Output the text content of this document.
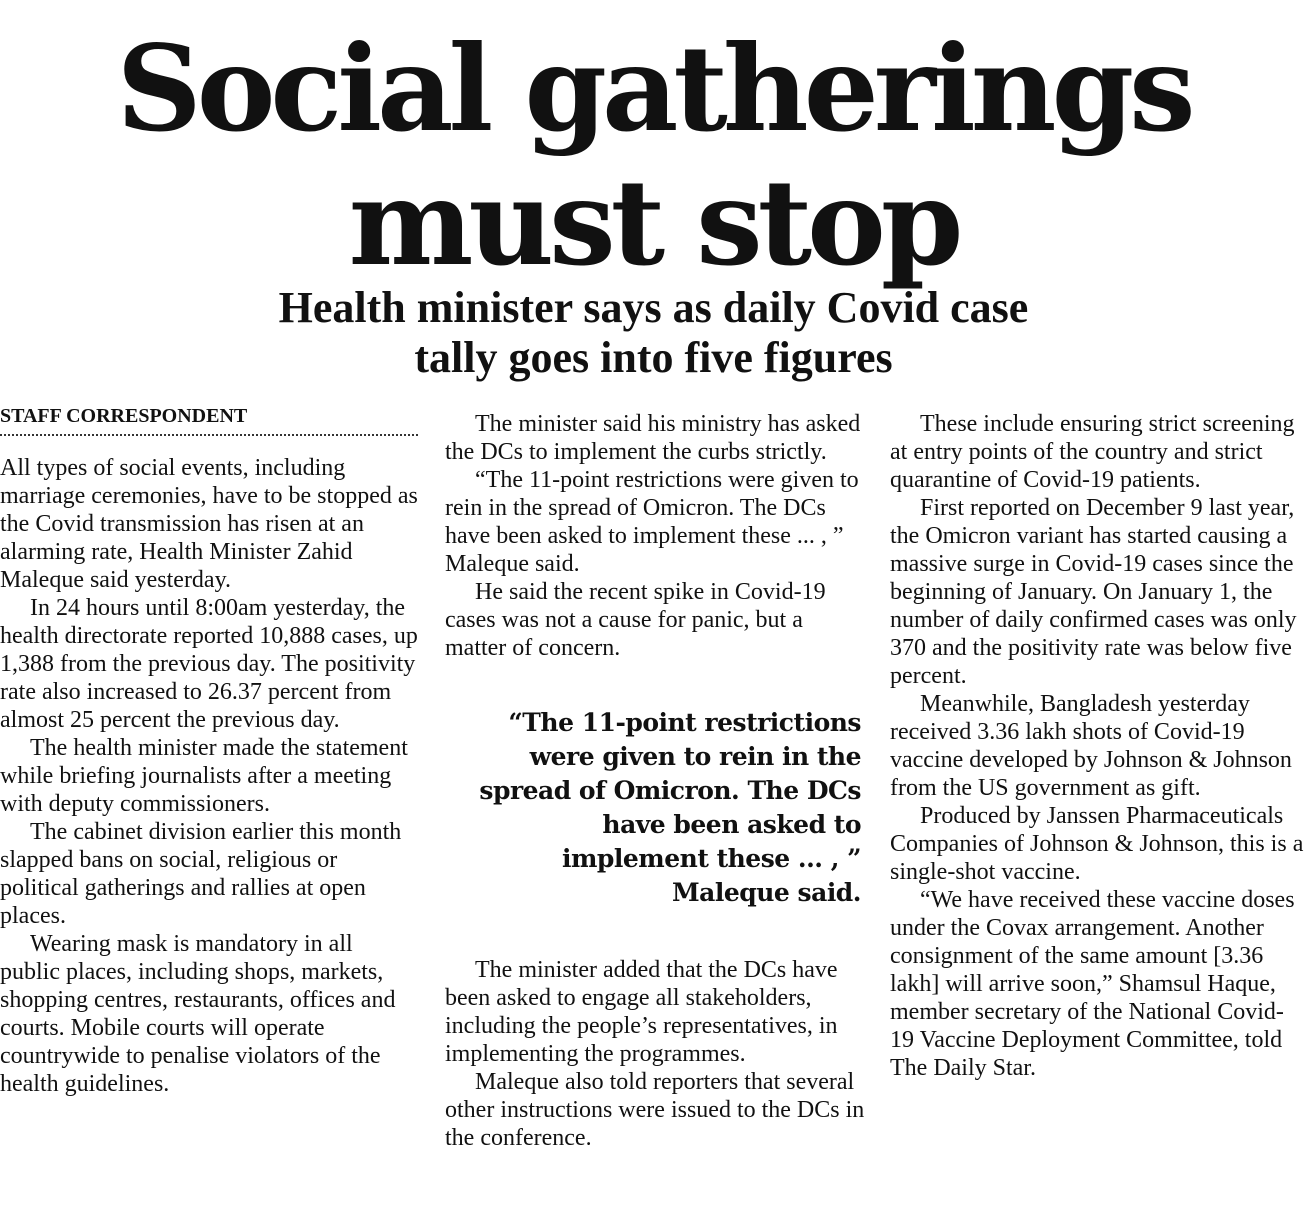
Social gatherings
must stop
Health minister says as daily Covid case
tally goes into five figures
STAFF CORRESPONDENT

All types of social events, including marriage ceremonies, have to be stopped as the Covid transmission has risen at an alarming rate, Health Minister Zahid Maleque said yesterday.

In 24 hours until 8:00am yesterday, the health directorate reported 10,888 cases, up 1,388 from the previous day. The positivity rate also increased to 26.37 percent from almost 25 percent the previous day.

The health minister made the statement while briefing journalists after a meeting with deputy commissioners.

The cabinet division earlier this month slapped bans on social, religious or political gatherings and rallies at open places.

Wearing mask is mandatory in all public places, including shops, markets, shopping centres, restaurants, offices and courts. Mobile courts will operate countrywide to penalise violators of the health guidelines.

The minister said his ministry has asked the DCs to implement the curbs strictly.

“The 11-point restrictions were given to rein in the spread of Omicron. The DCs have been asked to implement these ... , ” Maleque said.

He said the recent spike in Covid-19 cases was not a cause for panic, but a matter of concern.

“The 11-point restrictions were given to rein in the spread of Omicron. The DCs have been asked to implement these ... , ” Maleque said.

The minister added that the DCs have been asked to engage all stakeholders, including the people’s representatives, in implementing the programmes.

Maleque also told reporters that several other instructions were issued to the DCs in the conference.

These include ensuring strict screening at entry points of the country and strict quarantine of Covid-19 patients.

First reported on December 9 last year, the Omicron variant has started causing a massive surge in Covid-19 cases since the beginning of January. On January 1, the number of daily confirmed cases was only 370 and the positivity rate was below five percent.

Meanwhile, Bangladesh yesterday received 3.36 lakh shots of Covid-19 vaccine developed by Johnson & Johnson from the US government as gift.

Produced by Janssen Pharmaceuticals Companies of Johnson & Johnson, this is a single-shot vaccine.

“We have received these vaccine doses under the Covax arrangement. Another consignment of the same amount [3.36 lakh] will arrive soon,” Shamsul Haque, member secretary of the National Covid-19 Vaccine Deployment Committee, told The Daily Star.
